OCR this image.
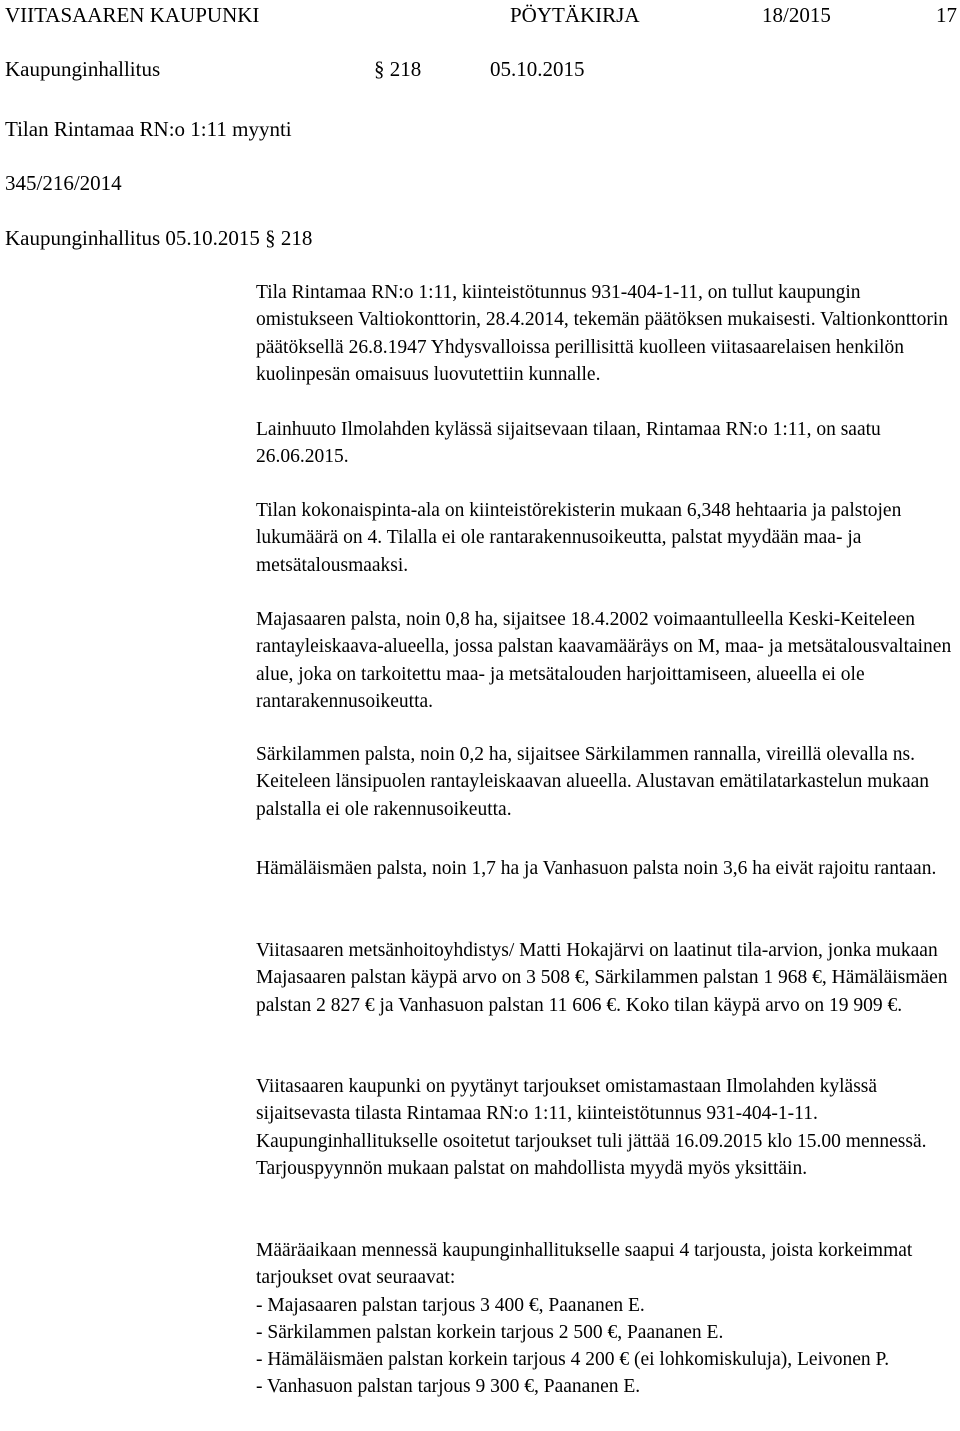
VIITASAAREN KAUPUNKI	PÖYTÄKIRJA	18/2015	17
Kaupunginhallitus	§ 218	05.10.2015
Tilan Rintamaa RN:o 1:11 myynti
345/216/2014
Kaupunginhallitus 05.10.2015 § 218

Tila Rintamaa RN:o 1:11, kiinteistötunnus 931-404-1-11, on tullut kaupungin omistukseen Valtiokonttorin, 28.4.2014, tekemän päätöksen mukaisesti. Valtionkonttorin päätöksellä 26.8.1947 Yhdysvalloissa perillisittä kuolleen viitasaarelaisen henkilön kuolinpesän omaisuus luovutettiin kunnalle.

Lainhuuto Ilmolahden kylässä sijaitsevaan tilaan, Rintamaa RN:o 1:11, on saatu 26.06.2015.

Tilan kokonaispinta-ala on kiinteistörekisterin mukaan 6,348 hehtaaria ja palstojen lukumäärä on 4. Tilalla ei ole rantarakennusoikeutta, palstat myydään maa- ja metsätalousmaaksi.

Majasaaren palsta, noin 0,8 ha, sijaitsee 18.4.2002 voimaantulleella Keski-Keiteleen rantayleiskaava-alueella, jossa palstan kaavamääräys on M, maa- ja metsätalousvaltainen alue, joka on tarkoitettu maa- ja metsätalouden harjoittamiseen, alueella ei ole rantarakennusoikeutta.

Särkilammen palsta, noin 0,2 ha, sijaitsee Särkilammen rannalla, vireillä olevalla ns. Keiteleen länsipuolen rantayleiskaavan alueella. Alustavan emätilatarkastelun mukaan palstalla ei ole rakennusoikeutta.

Hämäläismäen palsta, noin 1,7 ha ja Vanhasuon palsta noin 3,6 ha eivät rajoitu rantaan.

Viitasaaren metsänhoitoyhdistys/ Matti Hokajärvi on laatinut tila-arvion, jonka mukaan Majasaaren palstan käypä arvo on 3 508 €, Särkilammen palstan 1 968 €, Hämäläismäen palstan 2 827 € ja Vanhasuon palstan 11 606 €. Koko tilan käypä arvo on 19 909 €.

Viitasaaren kaupunki on pyytänyt tarjoukset omistamastaan Ilmolahden kylässä sijaitsevasta tilasta Rintamaa RN:o 1:11, kiinteistötunnus 931-404-1-11. Kaupunginhallitukselle osoitetut tarjoukset tuli jättää 16.09.2015 klo 15.00 mennessä. Tarjouspyynnön mukaan palstat on mahdollista myydä myös yksittäin.

Määräaikaan mennessä kaupunginhallitukselle saapui 4 tarjousta, joista korkeimmat tarjoukset ovat seuraavat:
- Majasaaren palstan tarjous 3 400 €, Paananen E.
- Särkilammen palstan korkein tarjous 2 500 €, Paananen E.
- Hämäläismäen palstan korkein tarjous 4 200 € (ei lohkomiskuluja), Leivonen P.
- Vanhasuon palstan tarjous 9 300 €, Paananen E.
